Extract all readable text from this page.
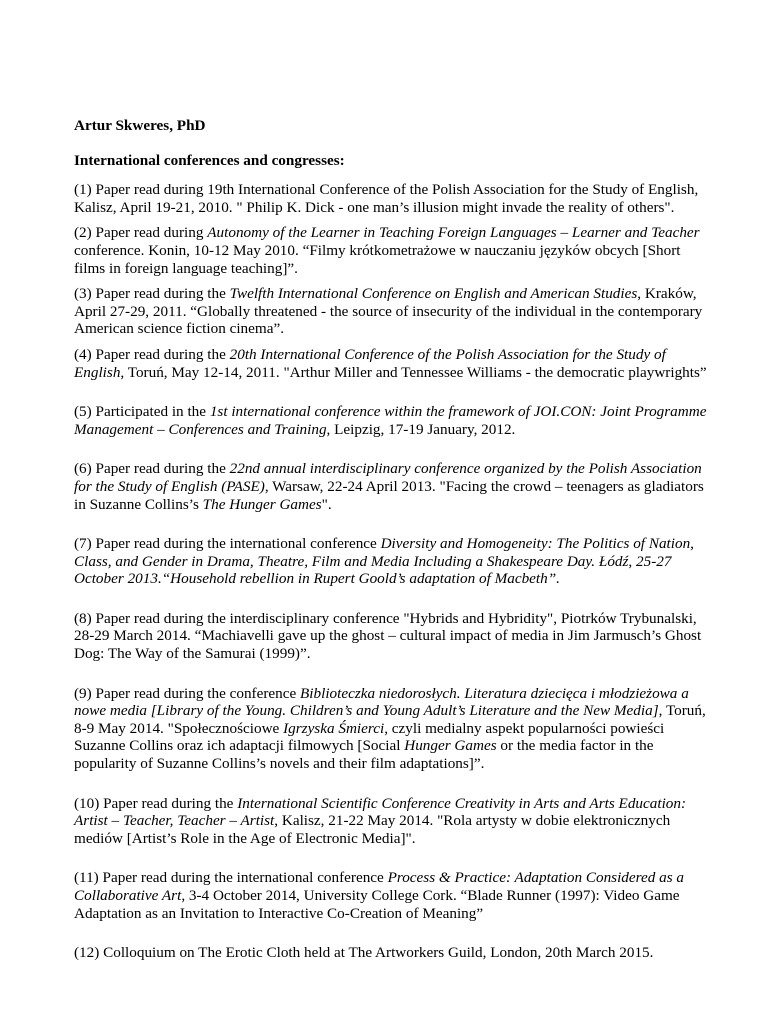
Artur Skweres, PhD

International conferences and congresses:

(1) Paper read during 19th International Conference of the Polish Association for the Study of English, Kalisz, April 19-21, 2010. " Philip K. Dick - one man’s illusion might invade the reality of others".

(2) Paper read during Autonomy of the Learner in Teaching Foreign Languages – Learner and Teacher conference. Konin, 10-12 May 2010. “Filmy krótkometrażowe w nauczaniu języków obcych [Short films in foreign language teaching]”.

(3) Paper read during the Twelfth International Conference on English and American Studies, Kraków, April 27-29, 2011. “Globally threatened - the source of insecurity of the individual in the contemporary American science fiction cinema”.

(4) Paper read during the 20th International Conference of the Polish Association for the Study of English, Toruń, May 12-14, 2011. "Arthur Miller and Tennessee Williams - the democratic playwrights”

(5) Participated in the 1st international conference within the framework of JOI.CON: Joint Programme Management – Conferences and Training, Leipzig, 17-19 January, 2012.

(6) Paper read during the 22nd annual interdisciplinary conference organized by the Polish Association for the Study of English (PASE), Warsaw, 22-24 April 2013. "Facing the crowd – teenagers as gladiators in Suzanne Collins’s The Hunger Games".

(7) Paper read during the international conference Diversity and Homogeneity: The Politics of Nation, Class, and Gender in Drama, Theatre, Film and Media Including a Shakespeare Day. Łódź, 25-27 October 2013.“Household rebellion in Rupert Goold’s adaptation of Macbeth”.

(8) Paper read during the interdisciplinary conference "Hybrids and Hybridity", Piotrków Trybunalski, 28-29 March 2014. “Machiavelli gave up the ghost – cultural impact of media in Jim Jarmusch’s Ghost Dog: The Way of the Samurai (1999)”.

(9) Paper read during the conference Biblioteczka niedorosłych. Literatura dziecięca i młodzieżowa a nowe media [Library of the Young. Children’s and Young Adult’s Literature and the New Media], Toruń, 8-9 May 2014. "Społecznościowe Igrzyska Śmierci, czyli medialny aspekt popularności powieści Suzanne Collins oraz ich adaptacji filmowych [Social Hunger Games or the media factor in the popularity of Suzanne Collins’s novels and their film adaptations]”.

(10) Paper read during the International Scientific Conference Creativity in Arts and Arts Education: Artist – Teacher, Teacher – Artist, Kalisz, 21-22 May 2014. "Rola artysty w dobie elektronicznych mediów [Artist’s Role in the Age of Electronic Media]".

(11) Paper read during the international conference Process & Practice: Adaptation Considered as a Collaborative Art, 3-4 October 2014, University College Cork. “Blade Runner (1997): Video Game Adaptation as an Invitation to Interactive Co-Creation of Meaning”

(12) Colloquium on The Erotic Cloth held at The Artworkers Guild, London, 20th March 2015.
